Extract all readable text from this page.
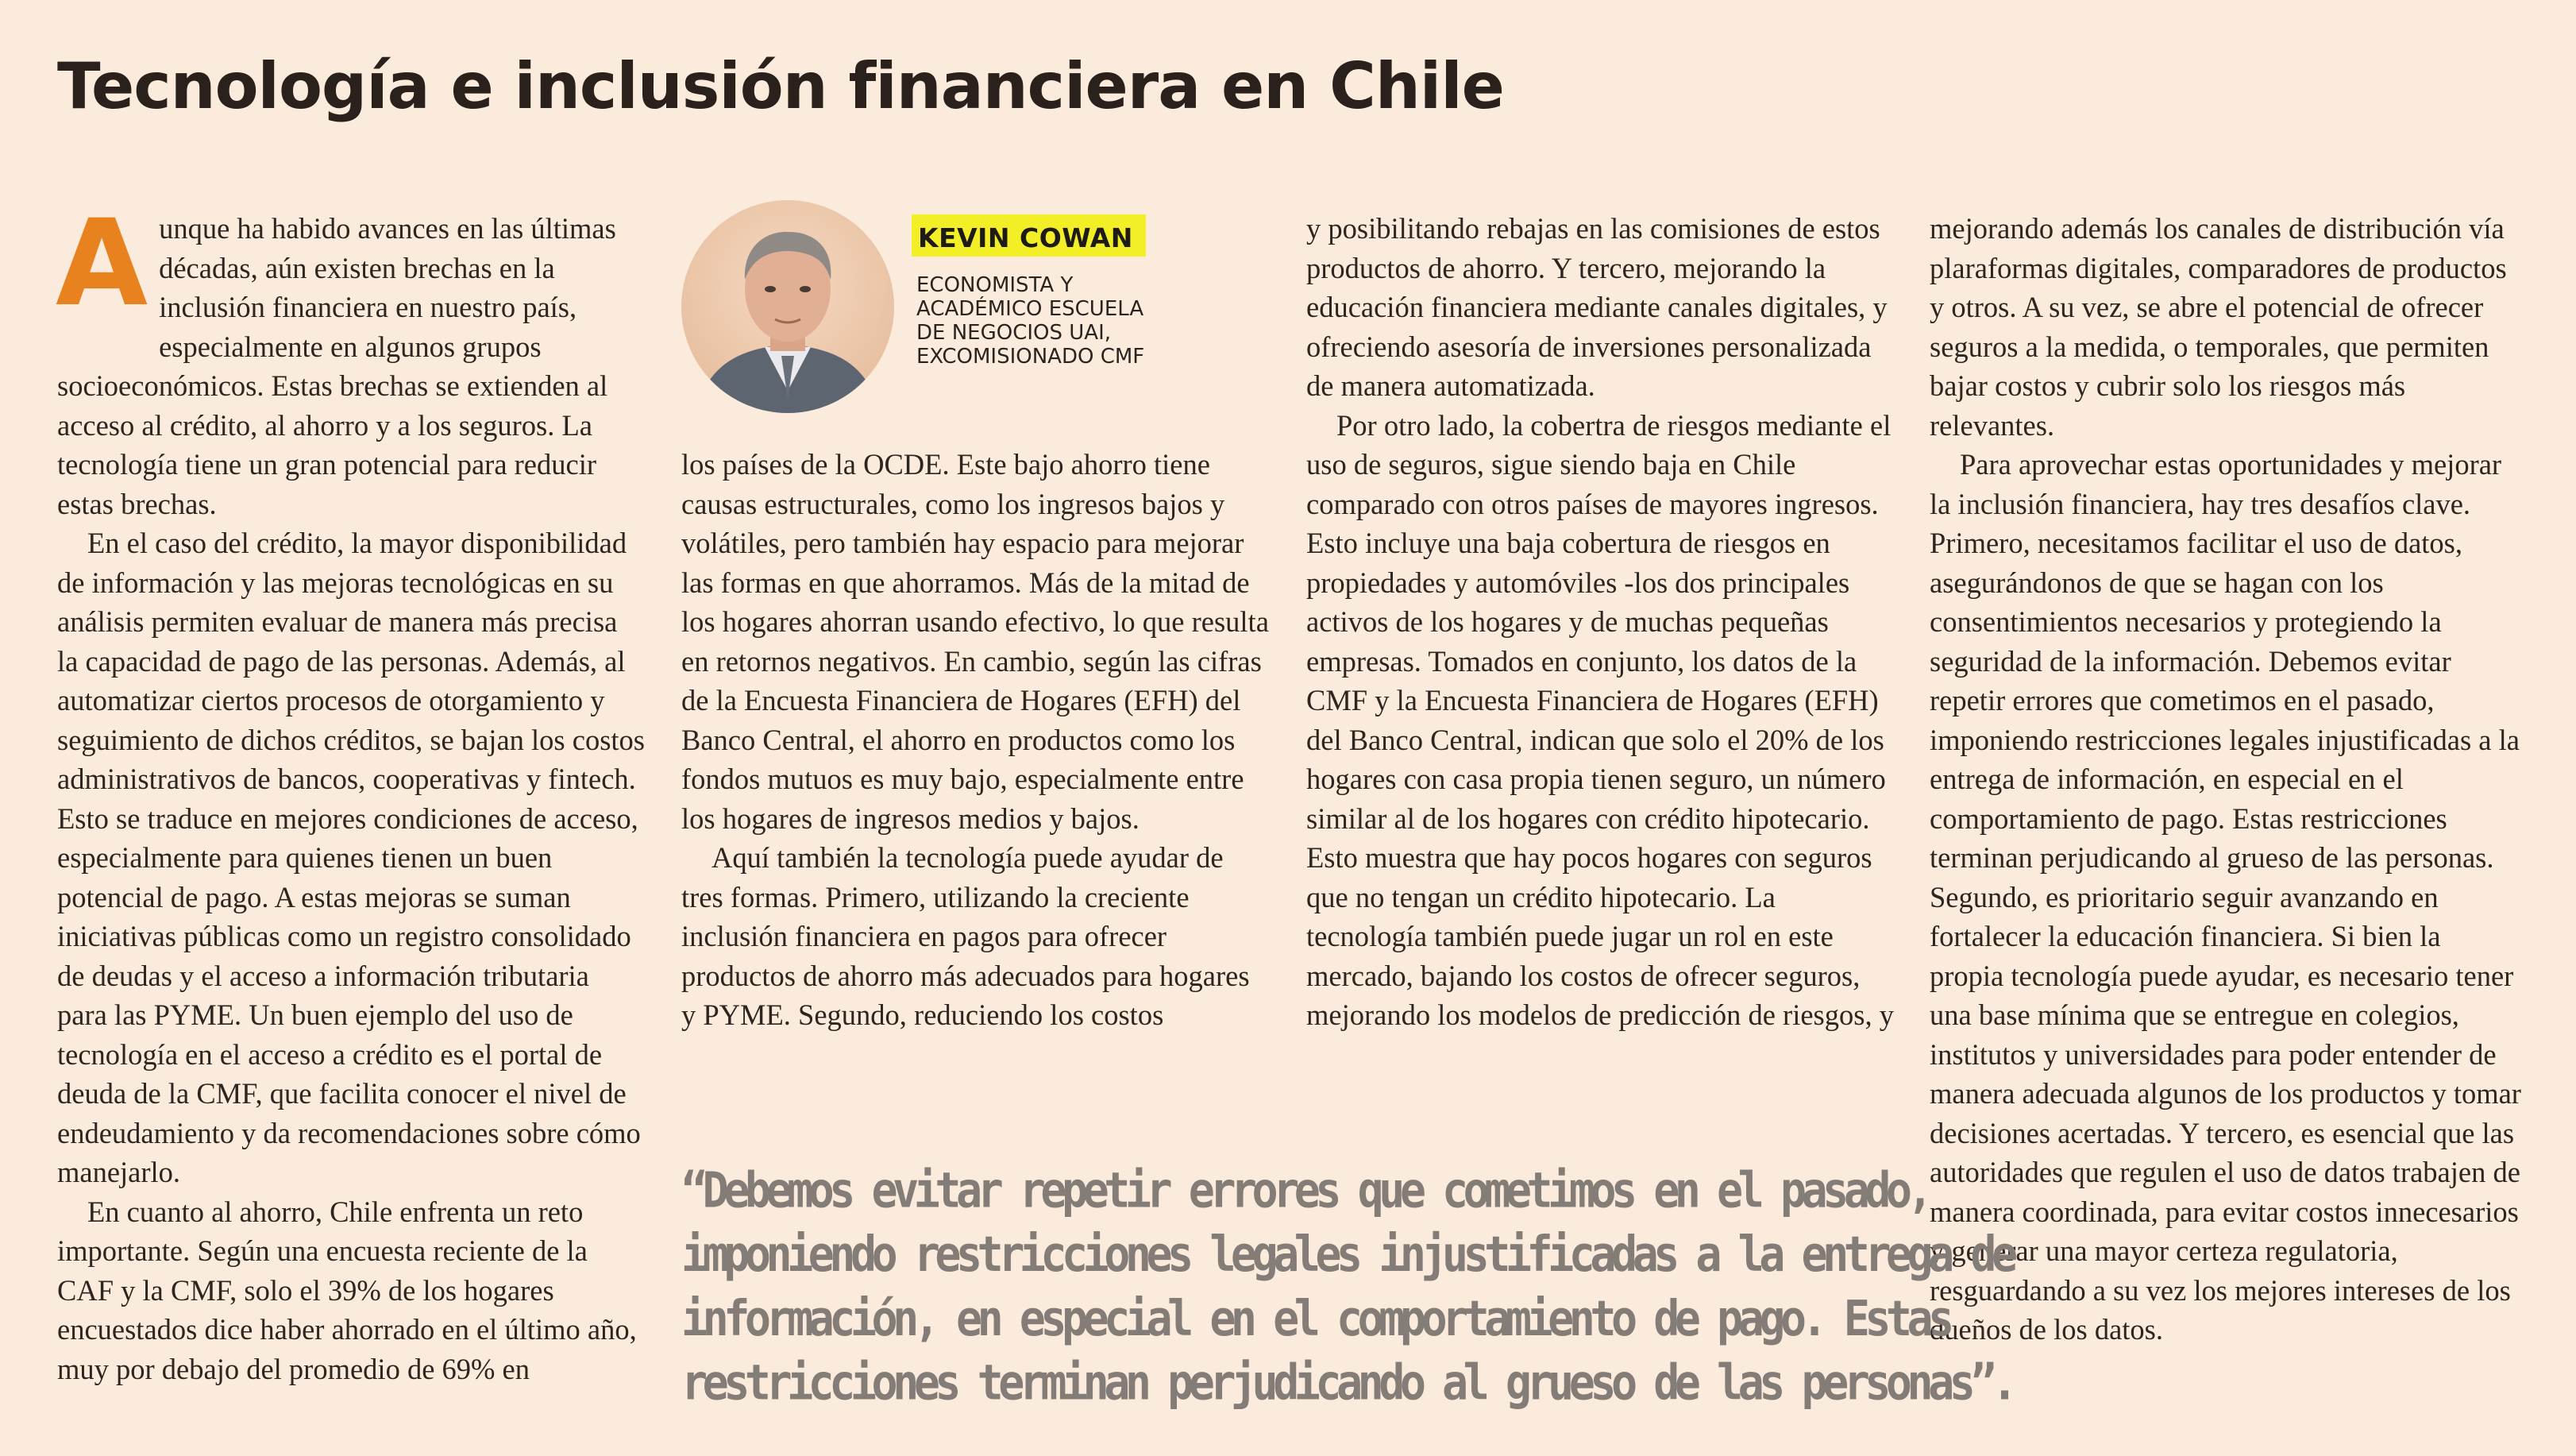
Tecnología e inclusión financiera en Chile
A unque ha habido avances en las últimas décadas, aún existen brechas en la inclusión financiera en nuestro país, especialmente en algunos grupos socioeconómicos. Estas brechas se extienden al acceso al crédito, al ahorro y a los seguros. La tecnología tiene un gran potencial para reducir estas brechas.

En el caso del crédito, la mayor disponibilidad de información y las mejoras tecnológicas en su análisis permiten evaluar de manera más precisa la capacidad de pago de las personas. Además, al automatizar ciertos procesos de otorgamiento y seguimiento de dichos créditos, se bajan los costos administrativos de bancos, cooperativas y fintech. Esto se traduce en mejores condiciones de acceso, especialmente para quienes tienen un buen potencial de pago. A estas mejoras se suman iniciativas públicas como un registro consolidado de deudas y el acceso a información tributaria para las PYME. Un buen ejemplo del uso de tecnología en el acceso a crédito es el portal de deuda de la CMF, que facilita conocer el nivel de endeudamiento y da recomendaciones sobre cómo manejarlo.

En cuanto al ahorro, Chile enfrenta un reto importante. Según una encuesta reciente de la CAF y la CMF, solo el 39% de los hogares encuestados dice haber ahorrado en el último año, muy por debajo del promedio de 69% en

KEVIN COWAN
ECONOMISTA Y
ACADÉMICO ESCUELA
DE NEGOCIOS UAI,
EXCOMISIONADO CMF

los países de la OCDE. Este bajo ahorro tiene causas estructurales, como los ingresos bajos y volátiles, pero también hay espacio para mejorar las formas en que ahorramos. Más de la mitad de los hogares ahorran usando efectivo, lo que resulta en retornos negativos. En cambio, según las cifras de la Encuesta Financiera de Hogares (EFH) del Banco Central, el ahorro en productos como los fondos mutuos es muy bajo, especialmente entre los hogares de ingresos medios y bajos.

Aquí también la tecnología puede ayudar de tres formas. Primero, utilizando la creciente inclusión financiera en pagos para ofrecer productos de ahorro más adecuados para hogares y PYME. Segundo, reduciendo los costos

y posibilitando rebajas en las comisiones de estos productos de ahorro. Y tercero, mejorando la educación financiera mediante canales digitales, y ofreciendo asesoría de inversiones personalizada de manera automatizada.

Por otro lado, la cobertra de riesgos mediante el uso de seguros, sigue siendo baja en Chile comparado con otros países de mayores ingresos. Esto incluye una baja cobertura de riesgos en propiedades y automóviles -los dos principales activos de los hogares y de muchas pequeñas empresas. Tomados en conjunto, los datos de la CMF y la Encuesta Financiera de Hogares (EFH) del Banco Central, indican que solo el 20% de los hogares con casa propia tienen seguro, un número similar al de los hogares con crédito hipotecario. Esto muestra que hay pocos hogares con seguros que no tengan un crédito hipotecario. La tecnología también puede jugar un rol en este mercado, bajando los costos de ofrecer seguros, mejorando los modelos de predicción de riesgos, y

mejorando además los canales de distribución vía plaraformas digitales, comparadores de productos y otros. A su vez, se abre el potencial de ofrecer seguros a la medida, o temporales, que permiten bajar costos y cubrir solo los riesgos más relevantes.

Para aprovechar estas oportunidades y mejorar la inclusión financiera, hay tres desafíos clave. Primero, necesitamos facilitar el uso de datos, asegurándonos de que se hagan con los consentimientos necesarios y protegiendo la seguridad de la información. Debemos evitar repetir errores que cometimos en el pasado, imponiendo restricciones legales injustificadas a la entrega de información, en especial en el comportamiento de pago. Estas restricciones terminan perjudicando al grueso de las personas. Segundo, es prioritario seguir avanzando en fortalecer la educación financiera. Si bien la propia tecnología puede ayudar, es necesario tener una base mínima que se entregue en colegios, institutos y universidades para poder entender de manera adecuada algunos de los productos y tomar decisiones acertadas. Y tercero, es esencial que las autoridades que regulen el uso de datos trabajen de manera coordinada, para evitar costos innecesarios y generar una mayor certeza regulatoria, resguardando a su vez los mejores intereses de los dueños de los datos.

“Debemos evitar repetir errores que cometimos en el pasado,
imponiendo restricciones legales injustificadas a la entrega de
información, en especial en el comportamiento de pago. Estas
restricciones terminan perjudicando al grueso de las personas”.
